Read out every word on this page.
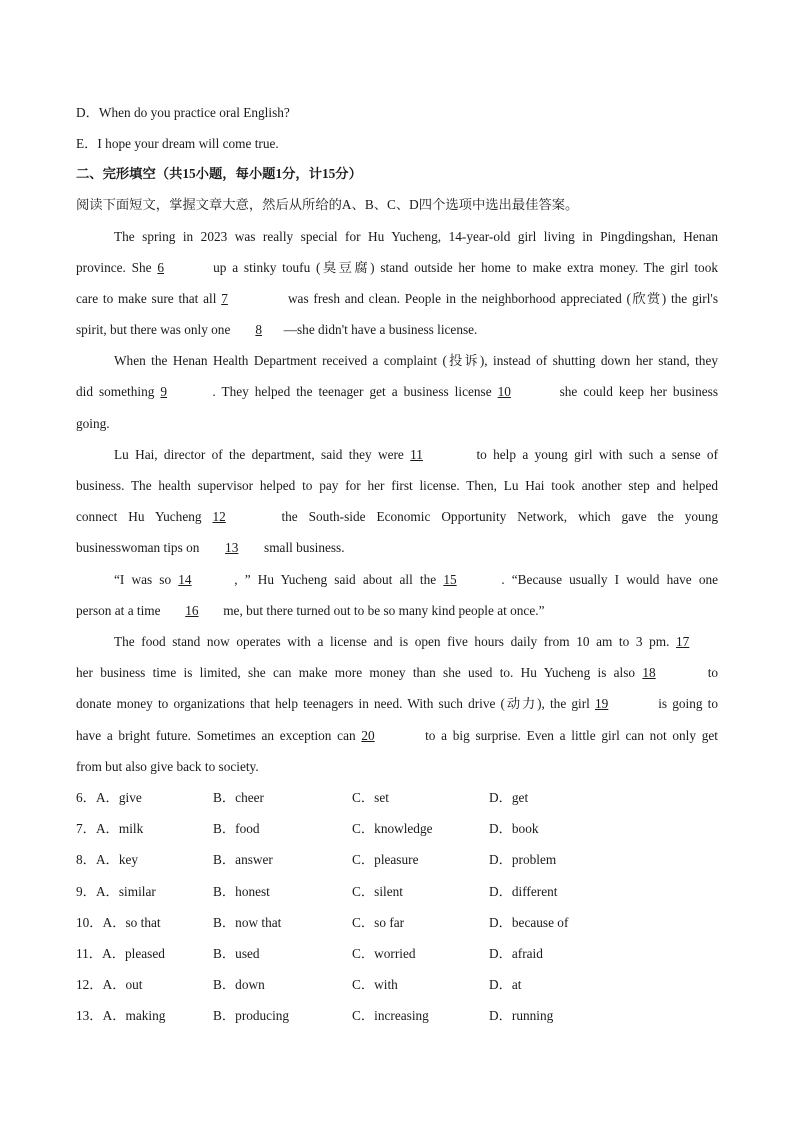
D．When do you practice oral English?
E．I hope your dream will come true.
二、完形填空（共15小题，每小题1分，计15分）
阅读下面短文，掌握文章大意，然后从所给的A、B、C、D四个选项中选出最佳答案。
The spring in 2023 was really special for Hu Yucheng, 14-year-old girl living in Pingdingshan, Henan
province. She 6	up a stinky toufu (臭豆腐) stand outside her home to make extra money. The girl took
care to make sure that all 7	was fresh and clean. People in the neighborhood appreciated (欣赏) the girl's
spirit, but there was only one 8 —she didn't have a business license.
When the Henan Health Department received a complaint (投诉), instead of shutting down her stand, they
did something 9	. They helped the teenager get a business license 10	she could keep her business
going.
Lu Hai, director of the department, said they were 11	to help a young girl with such a sense of
business. The health supervisor helped to pay for her first license. Then, Lu Hai took another step and helped
connect Hu Yucheng 12	the South-side Economic Opportunity Network, which gave the young
businesswoman tips on 13 small business.
“I was so 14	, ” Hu Yucheng said about all the 15	. “Because usually I would have one
person at a time 16 me, but there turned out to be so many kind people at once.”
The food stand now operates with a license and is open five hours daily from 10 am to 3 pm. 17
her business time is limited, she can make more money than she used to. Hu Yucheng is also 18	to
donate money to organizations that help teenagers in need. With such drive (动力), the girl 19	is going to
have a bright future. Sometimes an exception can 20	to a big surprise. Even a little girl can not only get
from but also give back to society.
6．A．give	B．cheer	C．set	D．get
7．A．milk	B．food	C．knowledge	D．book
8．A．key	B．answer	C．pleasure	D．problem
9．A．similar	B．honest	C．silent	D．different
10．A．so that	B．now that	C．so far	D．because of
11．A．pleased	B．used	C．worried	D．afraid
12．A．out	B．down	C．with	D．at
13．A．making	B．producing	C．increasing	D．running
